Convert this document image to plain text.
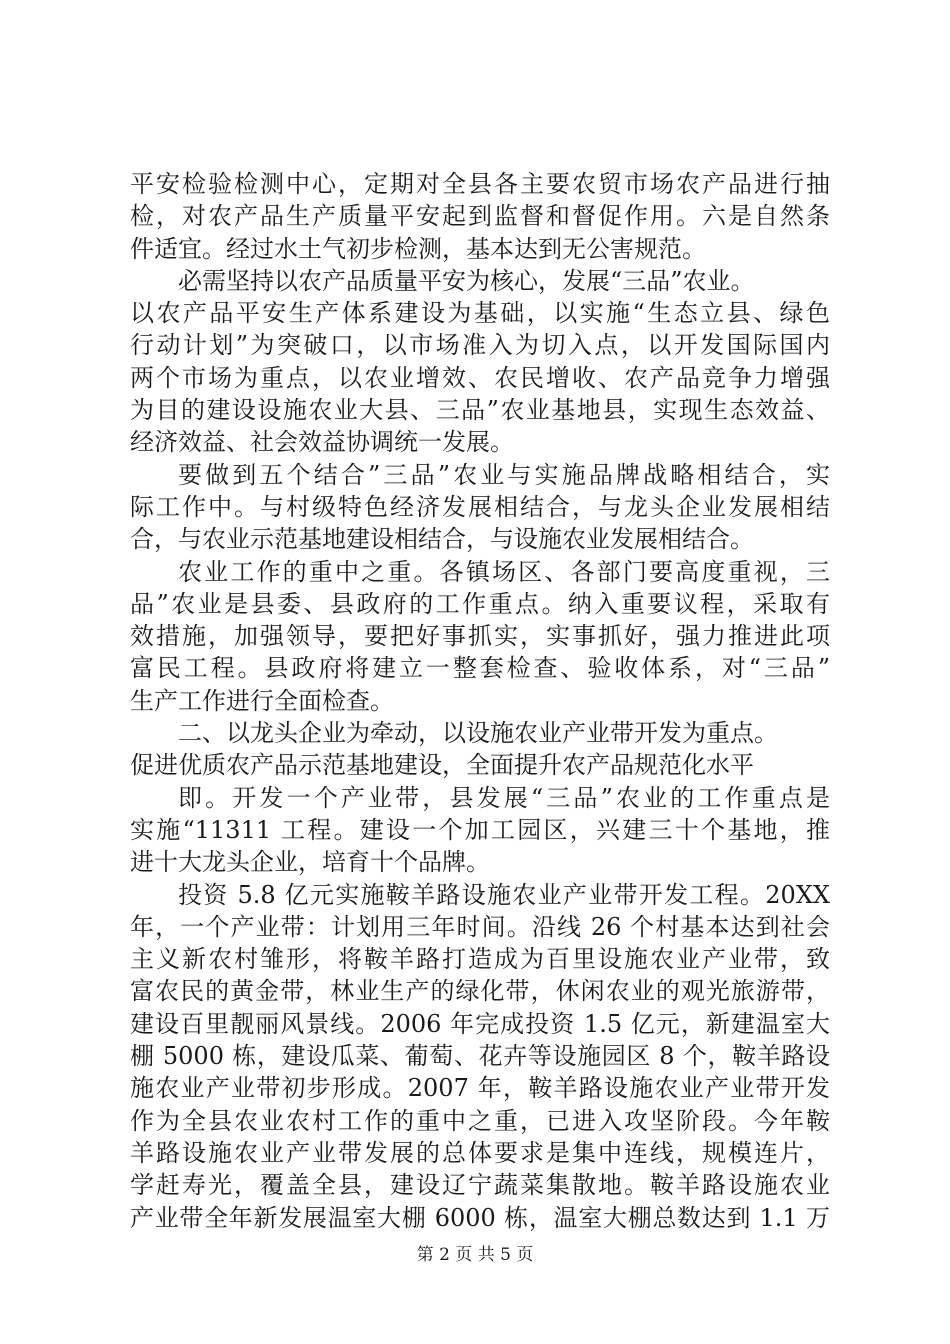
平安检验检测中心，定期对全县各主要农贸市场农产品进行抽
检，对农产品生产质量平安起到监督和督促作用。六是自然条
件适宜。经过水土气初步检测，基本达到无公害规范。
必需坚持以农产品质量平安为核心，发展“三品”农业。
以农产品平安生产体系建设为基础，以实施“生态立县、绿色
行动计划”为突破口，以市场准入为切入点，以开发国际国内
两个市场为重点，以农业增效、农民增收、农产品竞争力增强
为目的建设设施农业大县、三品”农业基地县，实现生态效益、
经济效益、社会效益协调统一发展。
要做到五个结合”三品”农业与实施品牌战略相结合，实
际工作中。与村级特色经济发展相结合，与龙头企业发展相结
合，与农业示范基地建设相结合，与设施农业发展相结合。
农业工作的重中之重。各镇场区、各部门要高度重视，三
品”农业是县委、县政府的工作重点。纳入重要议程，采取有
效措施，加强领导，要把好事抓实，实事抓好，强力推进此项
富民工程。县政府将建立一整套检查、验收体系，对“三品”
生产工作进行全面检查。
二、以龙头企业为牵动，以设施农业产业带开发为重点。
促进优质农产品示范基地建设，全面提升农产品规范化水平
即。开发一个产业带，县发展“三品”农业的工作重点是
实施“11311 工程。建设一个加工园区，兴建三十个基地，推
进十大龙头企业，培育十个品牌。
投资 5.8 亿元实施鞍羊路设施农业产业带开发工程。20XX
年，一个产业带：计划用三年时间。沿线 26 个村基本达到社会
主义新农村雏形，将鞍羊路打造成为百里设施农业产业带，致
富农民的黄金带，林业生产的绿化带，休闲农业的观光旅游带，
建设百里靓丽风景线。2006 年完成投资 1.5 亿元，新建温室大
棚 5000 栋，建设瓜菜、葡萄、花卉等设施园区 8 个，鞍羊路设
施农业产业带初步形成。2007 年，鞍羊路设施农业产业带开发
作为全县农业农村工作的重中之重，已进入攻坚阶段。今年鞍
羊路设施农业产业带发展的总体要求是集中连线，规模连片，
学赶寿光，覆盖全县，建设辽宁蔬菜集散地。鞍羊路设施农业
产业带全年新发展温室大棚 6000 栋，温室大棚总数达到 1.1 万
第 2 页 共 5 页
